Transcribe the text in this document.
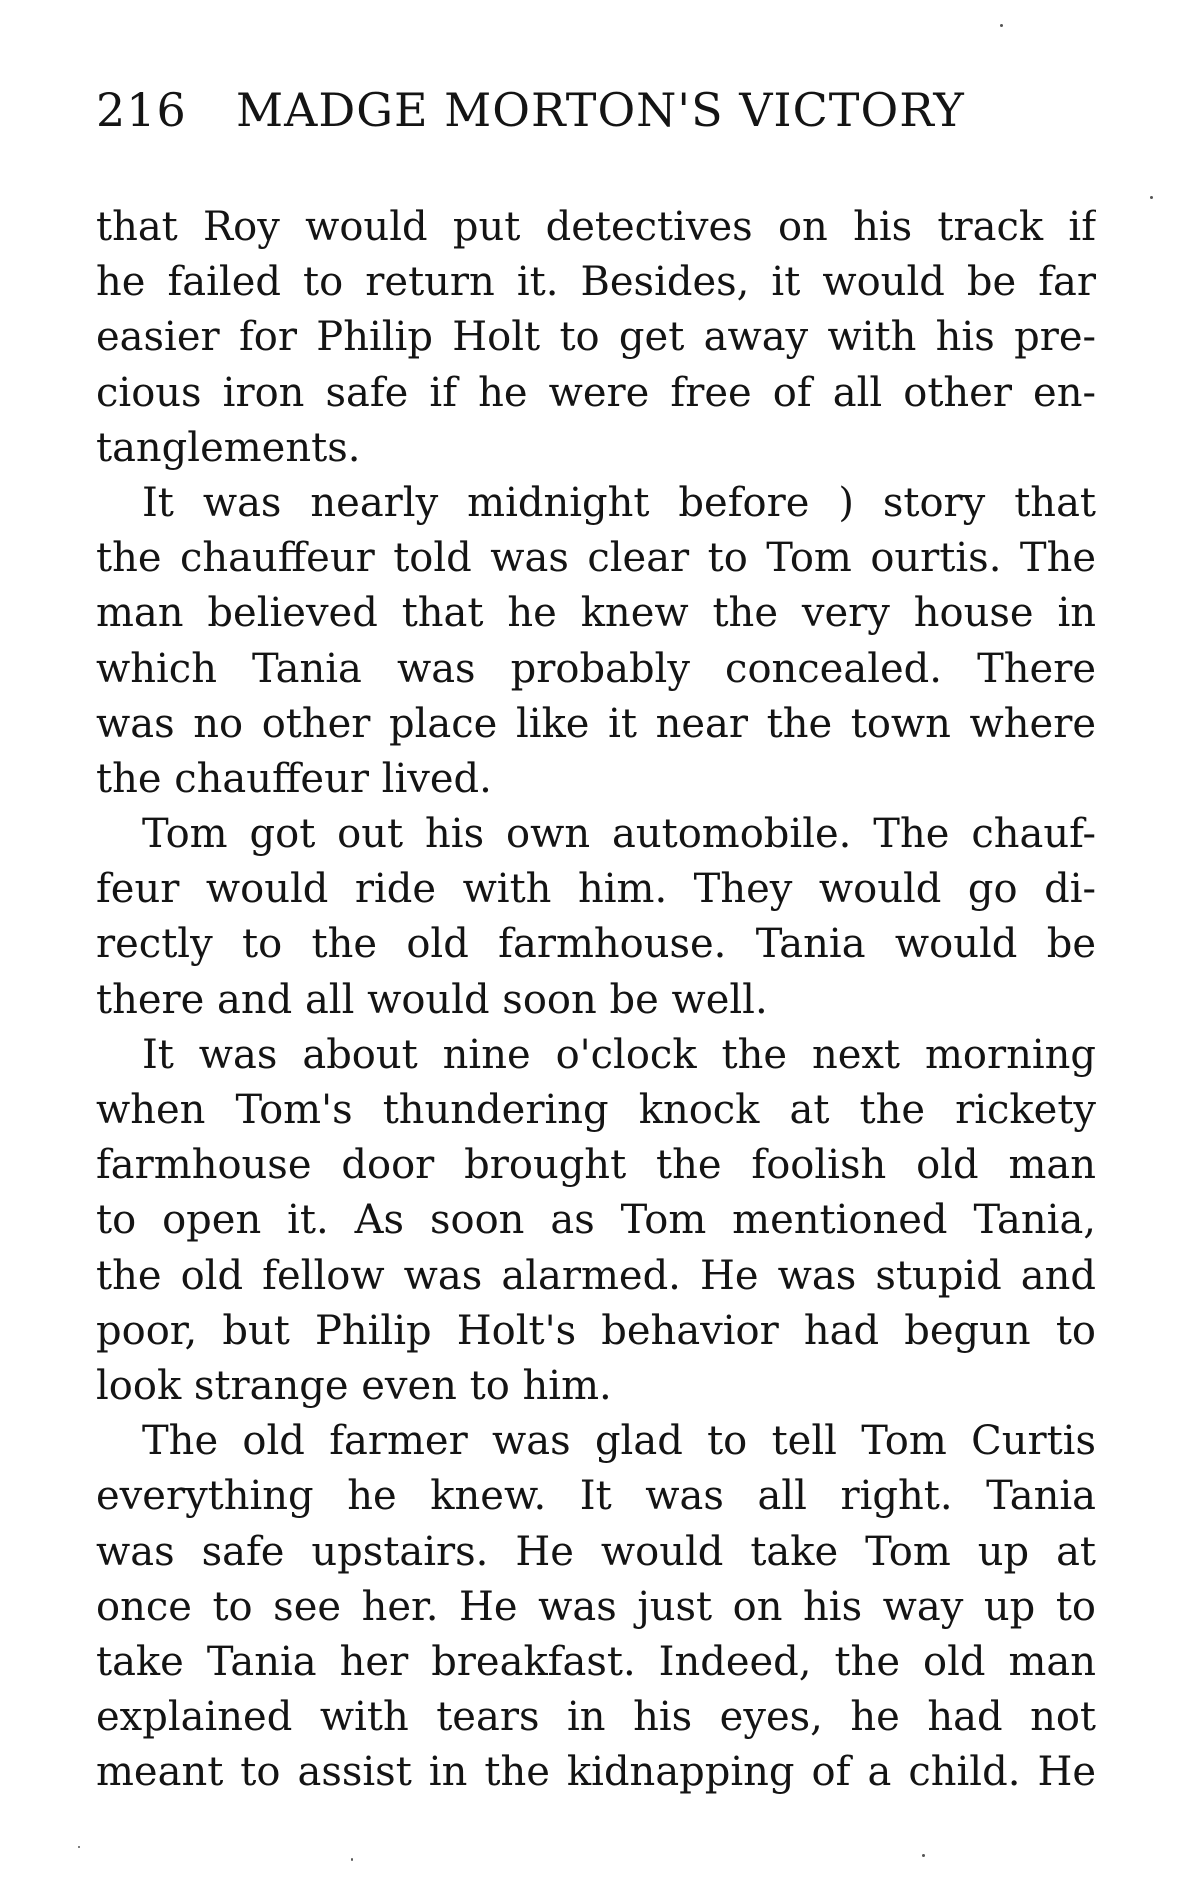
216 MADGE MORTON'S VICTORY
that Roy would put detectives on his track if
he failed to return it. Besides, it would be far
easier for Philip Holt to get away with his pre-
cious iron safe if he were free of all other en-
tanglements.
It was nearly midnight before ) story that
the chauffeur told was clear to Tom ourtis. The
man believed that he knew the very house in
which Tania was probably concealed. There
was no other place like it near the town where
the chauffeur lived.
Tom got out his own automobile. The chauf-
feur would ride with him. They would go di-
rectly to the old farmhouse. Tania would be
there and all would soon be well.
It was about nine o'clock the next morning
when Tom's thundering knock at the rickety
farmhouse door brought the foolish old man
to open it. As soon as Tom mentioned Tania,
the old fellow was alarmed. He was stupid and
poor, but Philip Holt's behavior had begun to
look strange even to him.
The old farmer was glad to tell Tom Curtis
everything he knew. It was all right. Tania
was safe upstairs. He would take Tom up at
once to see her. He was just on his way up to
take Tania her breakfast. Indeed, the old man
explained with tears in his eyes, he had not
meant to assist in the kidnapping of a child. He
